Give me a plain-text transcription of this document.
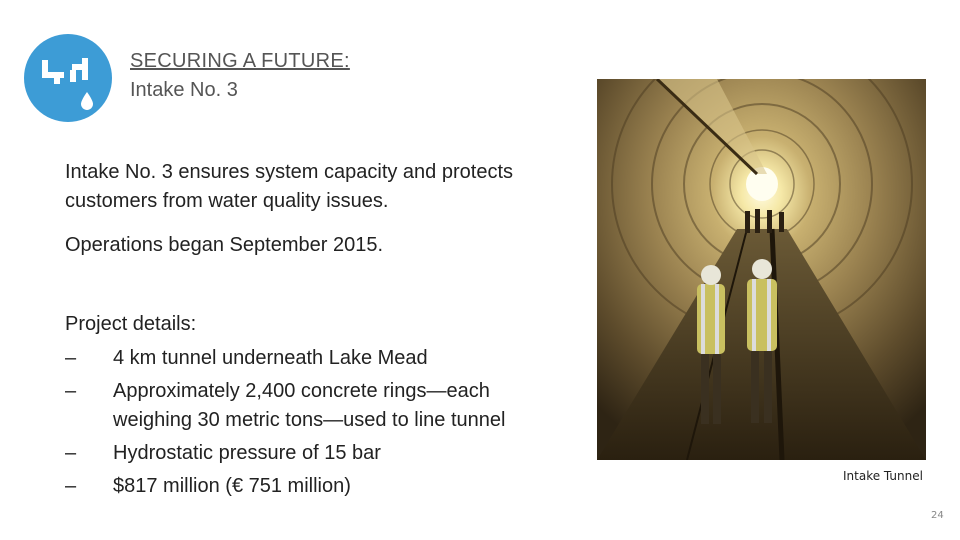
SECURING A FUTURE:
Intake No. 3

Intake No. 3 ensures system capacity and protects customers from water quality issues.

Operations began September 2015.

Project details:

–	4 km tunnel underneath Lake Mead
–	Approximately 2,400 concrete rings—each weighing 30 metric tons—used to line tunnel
–	Hydrostatic pressure of 15 bar
–	$817 million (€ 751 million)	Intake Tunnel
24
